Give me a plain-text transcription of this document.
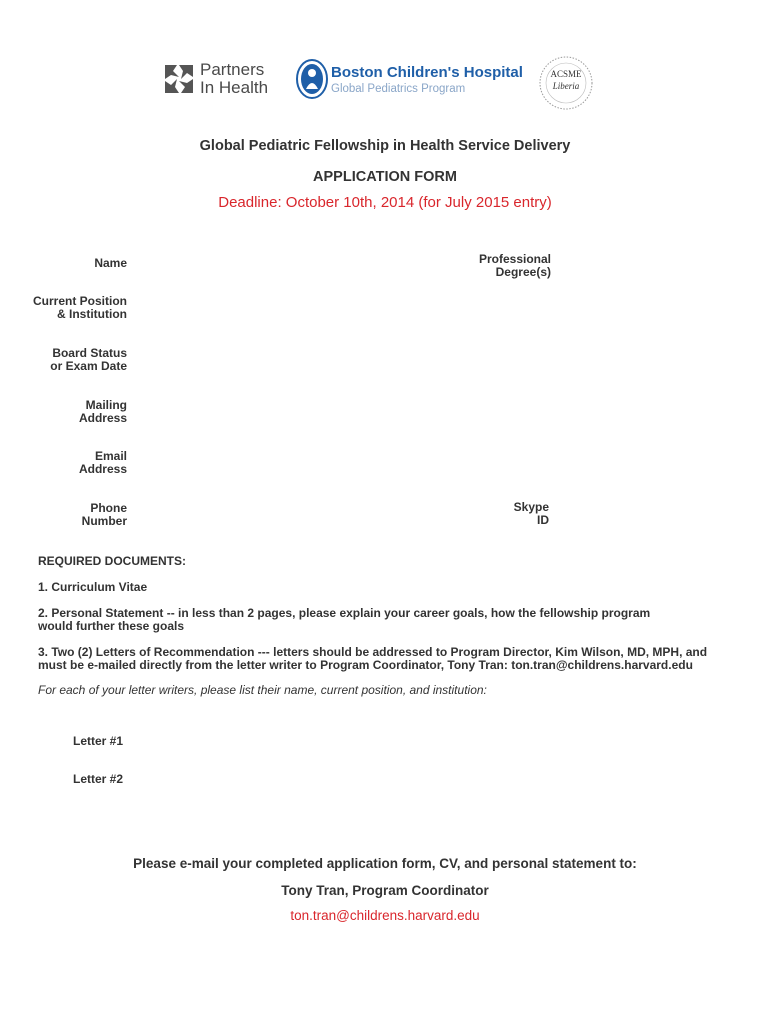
Partners
In Health
Boston Children's Hospital
Global Pediatrics Program
ACSME
Liberia
Global Pediatric Fellowship in Health Service Delivery
APPLICATION FORM
Deadline: October 10th, 2014 (for July 2015 entry)
Name	Professional
Degree(s)
Current Position
& Institution
Board Status
or Exam Date
Mailing
Address
Email
Address
Phone
Number
Skype
ID
REQUIRED DOCUMENTS:
1. Curriculum Vitae
2. Personal Statement -- in less than 2 pages, please explain your career goals, how the fellowship program
would further these goals
3. Two (2) Letters of Recommendation --- letters should be addressed to Program Director, Kim Wilson, MD, MPH, and
must be e-mailed directly from the letter writer to Program Coordinator, Tony Tran: ton.tran@childrens.harvard.edu
For each of your letter writers, please list their name, current position, and institution:
Letter #1
Letter #2
Please e-mail your completed application form, CV, and personal statement to:
Tony Tran, Program Coordinator
ton.tran@childrens.harvard.edu
